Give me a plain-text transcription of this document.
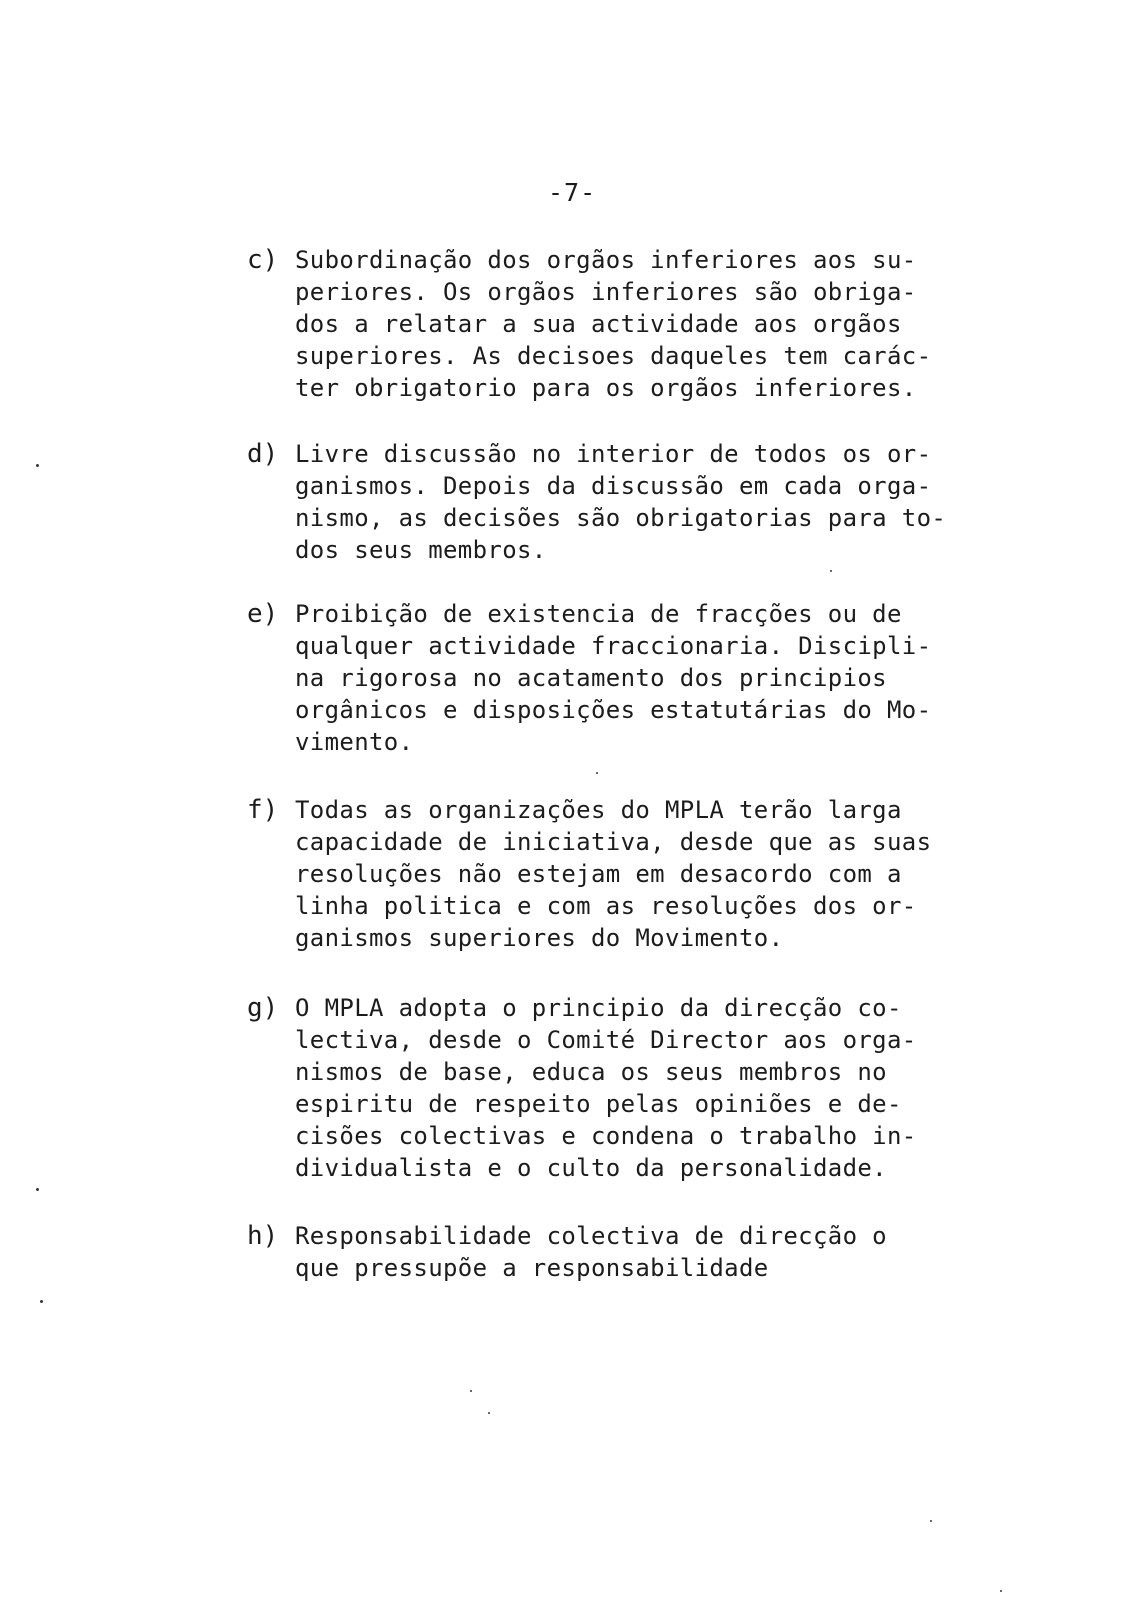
-7-

c) Subordinação dos orgãos inferiores aos su-
periores. Os orgãos inferiores são obriga-
dos a relatar a sua actividade aos orgãos
superiores. As decisoes daqueles tem carác-
ter obrigatorio para os orgãos inferiores.
d) Livre discussão no interior de todos os or-
ganismos. Depois da discussão em cada orga-
nismo, as decisões são obrigatorias para to-
dos seus membros.
e) Proibição de existencia de fracções ou de
qualquer actividade fraccionaria. Discipli-
na rigorosa no acatamento dos principios
orgânicos e disposições estatutárias do Mo-
vimento.
f) Todas as organizações do MPLA terão larga
capacidade de iniciativa, desde que as suas
resoluções não estejam em desacordo com a
linha politica e com as resoluções dos or-
ganismos superiores do Movimento.
g) O MPLA adopta o principio da direcção co-
lectiva, desde o Comité Director aos orga-
nismos de base, educa os seus membros no
espiritu de respeito pelas opiniões e de-
cisões colectivas e condena o trabalho in-
dividualista e o culto da personalidade.
h) Responsabilidade colectiva de direcção o
que pressupõe a responsabilidade
